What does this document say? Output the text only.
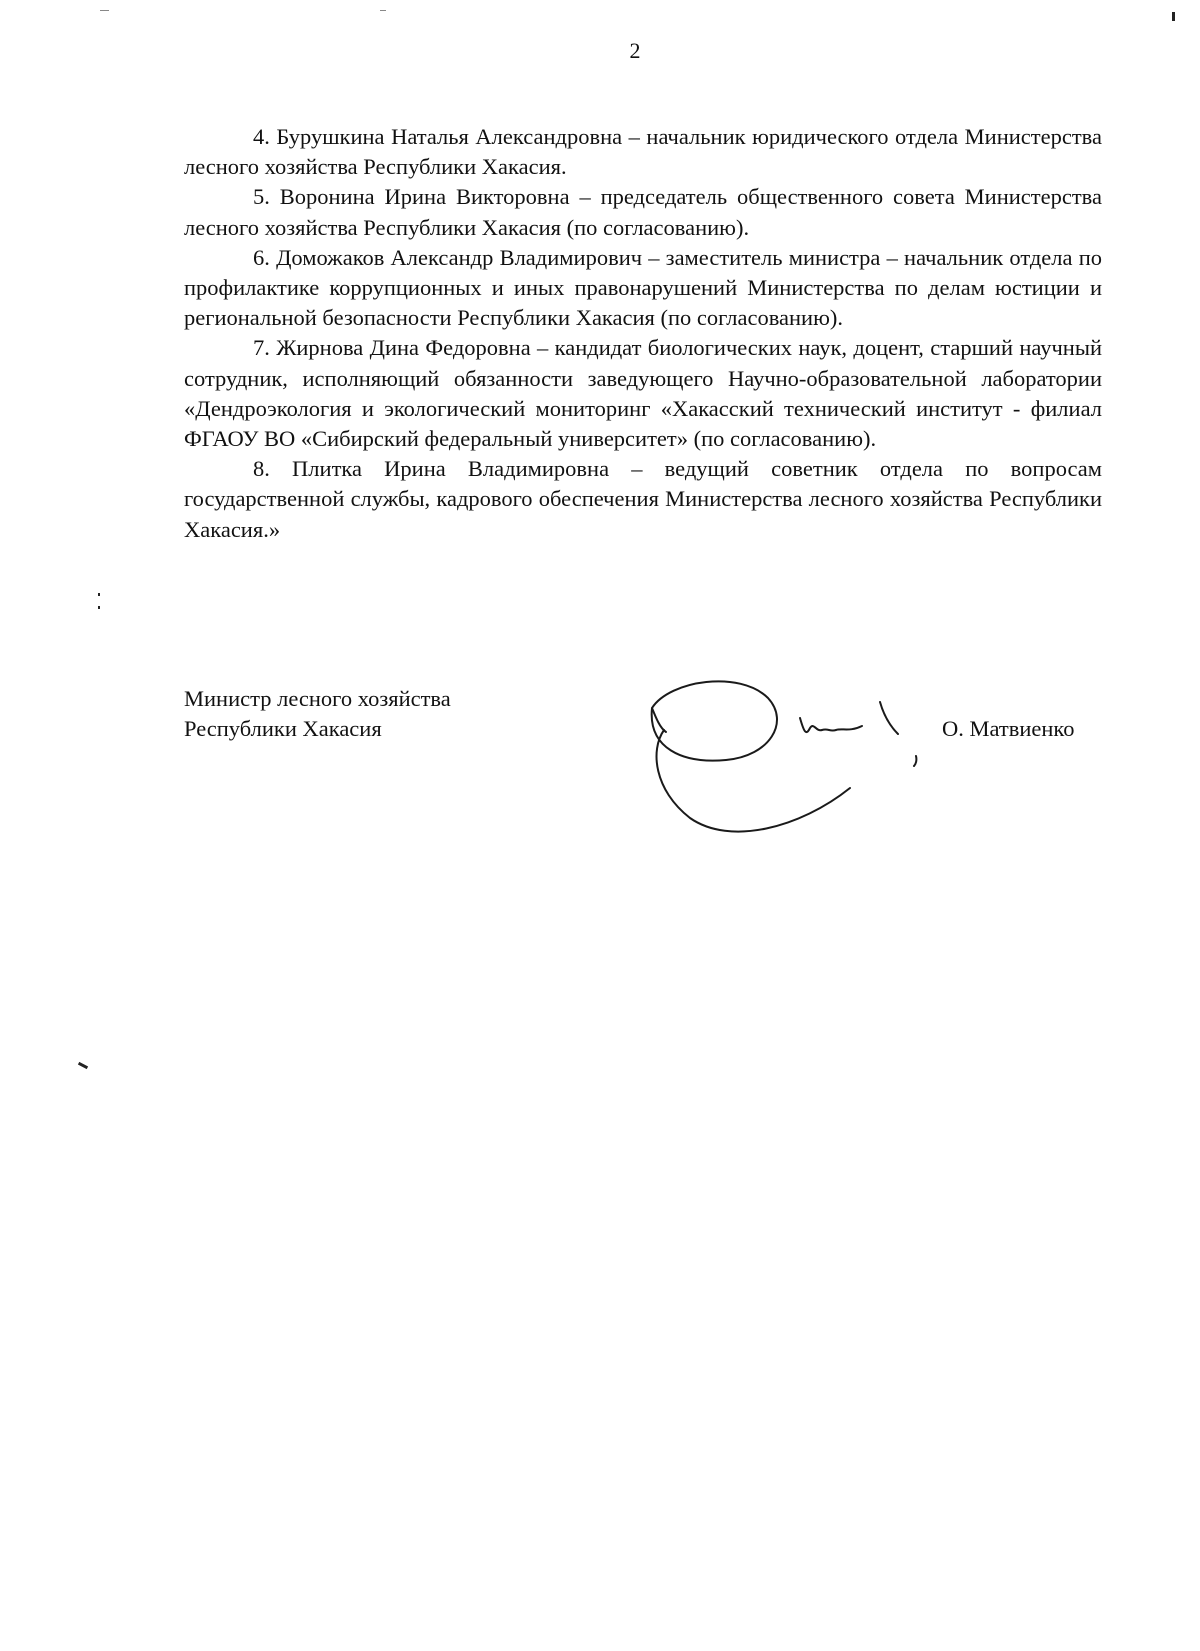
2

4. Бурушкина Наталья Александровна – начальник юридического отдела Министерства лесного хозяйства Республики Хакасия.

5. Воронина Ирина Викторовна – председатель общественного совета Министерства лесного хозяйства Республики Хакасия (по согласованию).

6. Доможаков Александр Владимирович – заместитель министра – начальник отдела по профилактике коррупционных и иных правонарушений Министерства по делам юстиции и региональной безопасности Республики Хакасия (по согласованию).

7. Жирнова Дина Федоровна – кандидат биологических наук, доцент, старший научный сотрудник, исполняющий обязанности заведующего Научно-образовательной лаборатории «Дендроэкология и экологический мониторинг «Хакасский технический институт - филиал ФГАОУ ВО «Сибирский федеральный университет» (по согласованию).

8. Плитка Ирина Владимировна – ведущий советник отдела по вопросам государственной службы, кадрового обеспечения Министерства лесного хозяйства Республики Хакасия.»

Министр лесного хозяйства
Республики Хакасия	О. Матвиенко
